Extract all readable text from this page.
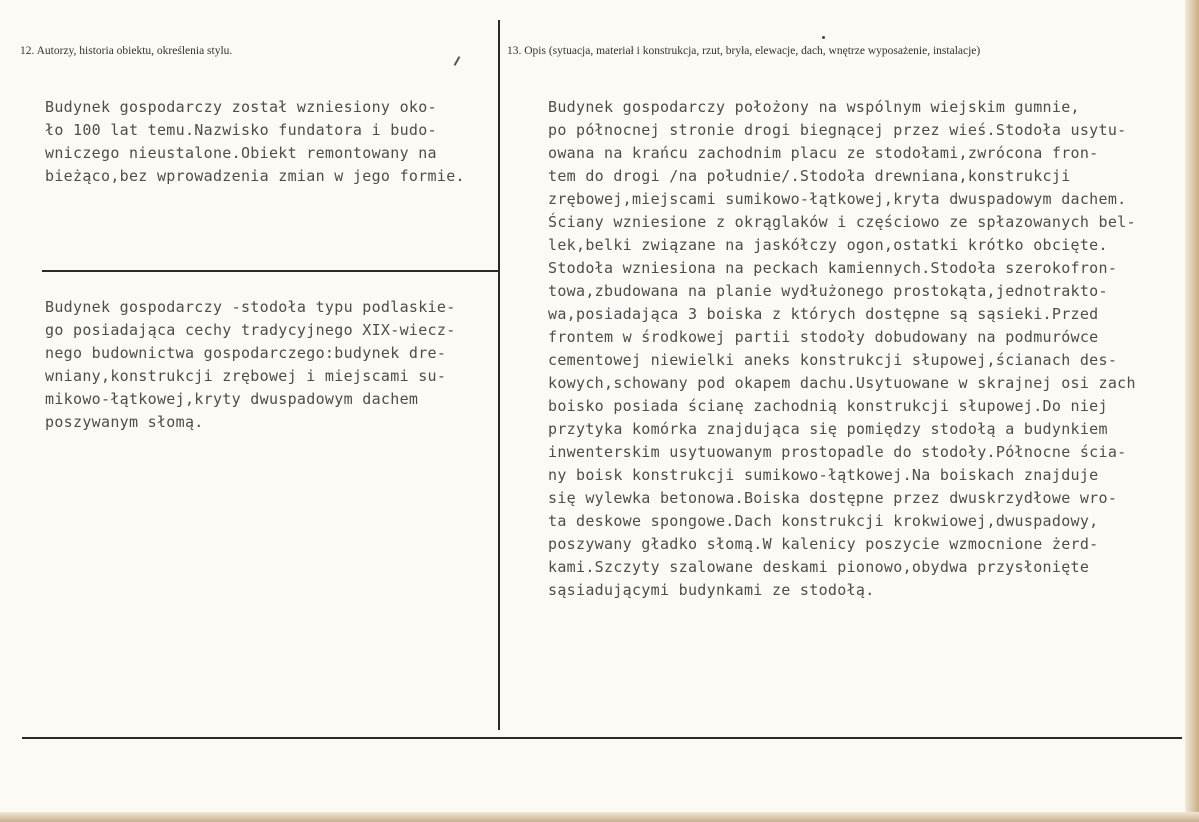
12. Autorzy, historia obiektu, określenia stylu.	13. Opis (sytuacja, materiał i konstrukcja, rzut, bryła, elewacje, dach, wnętrze wyposażenie, instalacje)
Budynek gospodarczy został wzniesiony oko-
ło 100 lat temu.Nazwisko fundatora i budo-
wniczego nieustalone.Obiekt remontowany na
bieżąco,bez wprowadzenia zmian w jego formie.
Budynek gospodarczy -stodoła typu podlaskie-
go posiadająca cechy tradycyjnego XIX-wiecz-
nego budownictwa gospodarczego:budynek dre-
wniany,konstrukcji zrębowej i miejscami su-
mikowo-łątkowej,kryty dwuspadowym dachem
poszywanym słomą.
Budynek gospodarczy położony na wspólnym wiejskim gumnie,
po północnej stronie drogi biegnącej przez wieś.Stodoła usytu-
owana na krańcu zachodnim placu ze stodołami,zwrócona fron-
tem do drogi /na południe/.Stodoła drewniana,konstrukcji
zrębowej,miejscami sumikowo-łątkowej,kryta dwuspadowym dachem.
Ściany wzniesione z okrąglaków i częściowo ze spłazowanych bel-
lek,belki związane na jaskółczy ogon,ostatki krótko obcięte.
Stodoła wzniesiona na peckach kamiennych.Stodoła szerokofron-
towa,zbudowana na planie wydłużonego prostokąta,jednotrakto-
wa,posiadająca 3 boiska z których dostępne są sąsieki.Przed
frontem w środkowej partii stodoły dobudowany na podmurówce
cementowej niewielki aneks konstrukcji słupowej,ścianach des-
kowych,schowany pod okapem dachu.Usytuowane w skrajnej osi zach
boisko posiada ścianę zachodnią konstrukcji słupowej.Do niej
przytyka komórka znajdująca się pomiędzy stodołą a budynkiem
inwenterskim usytuowanym prostopadle do stodoły.Północne ścia-
ny boisk konstrukcji sumikowo-łątkowej.Na boiskach znajduje
się wylewka betonowa.Boiska dostępne przez dwuskrzydłowe wro-
ta deskowe spongowe.Dach konstrukcji krokwiowej,dwuspadowy,
poszywany gładko słomą.W kalenicy poszycie wzmocnione żerd-
kami.Szczyty szalowane deskami pionowo,obydwa przysłonięte
sąsiadującymi budynkami ze stodołą.
